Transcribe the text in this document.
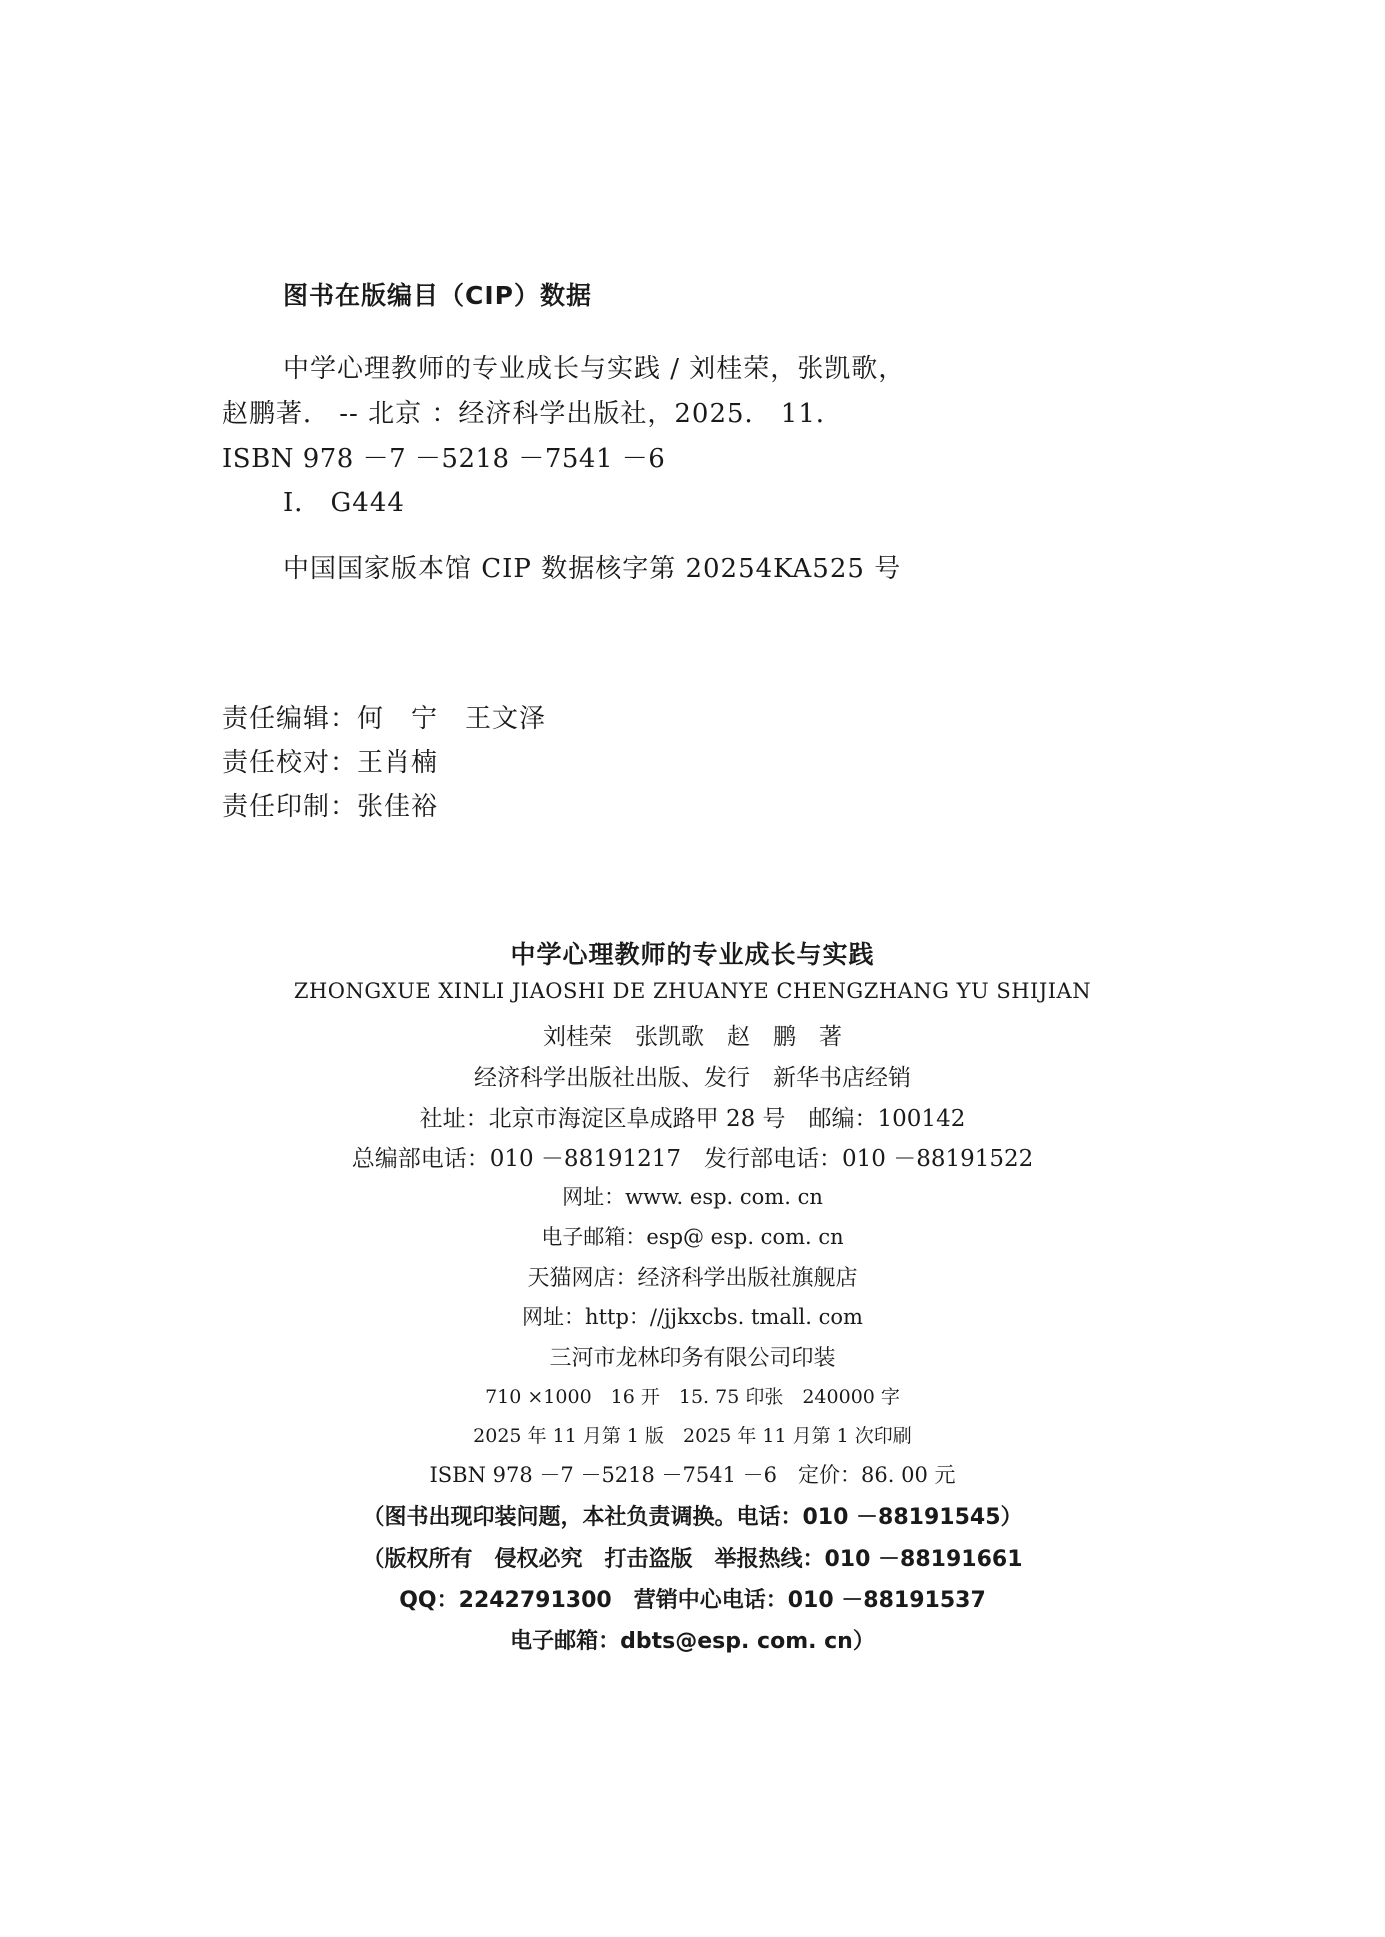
图书在版编目（CIP）数据
中学心理教师的专业成长与实践 / 刘桂荣，张凯歌，
赵鹏著． -- 北京 ：经济科学出版社，2025． 11．
ISBN 978 －7 －5218 －7541 －6
Ⅰ． G444
中国国家版本馆 CIP 数据核字第 20254KA525 号
责任编辑：何　宁　王文泽
责任校对：王肖楠
责任印制：张佳裕
中学心理教师的专业成长与实践
ZHONGXUE XINLI JIAOSHI DE ZHUANYE CHENGZHANG YU SHIJIAN
刘桂荣　张凯歌　赵　鹏　著
经济科学出版社出版、发行　新华书店经销
社址：北京市海淀区阜成路甲 28 号　邮编：100142
总编部电话：010 －88191217　发行部电话：010 －88191522
网址：www. esp. com. cn
电子邮箱：esp@ esp. com. cn
天猫网店：经济科学出版社旗舰店
网址：http：//jjkxcbs. tmall. com
三河市龙林印务有限公司印装
710 ×1000　16 开　15. 75 印张　240000 字
2025 年 11 月第 1 版　2025 年 11 月第 1 次印刷
ISBN 978 －7 －5218 －7541 －6　定价：86. 00 元
（图书出现印装问题，本社负责调换。电话：010 －88191545）
（版权所有　侵权必究　打击盗版　举报热线：010 －88191661
QQ：2242791300　营销中心电话：010 －88191537
电子邮箱：dbts@esp. com. cn）
